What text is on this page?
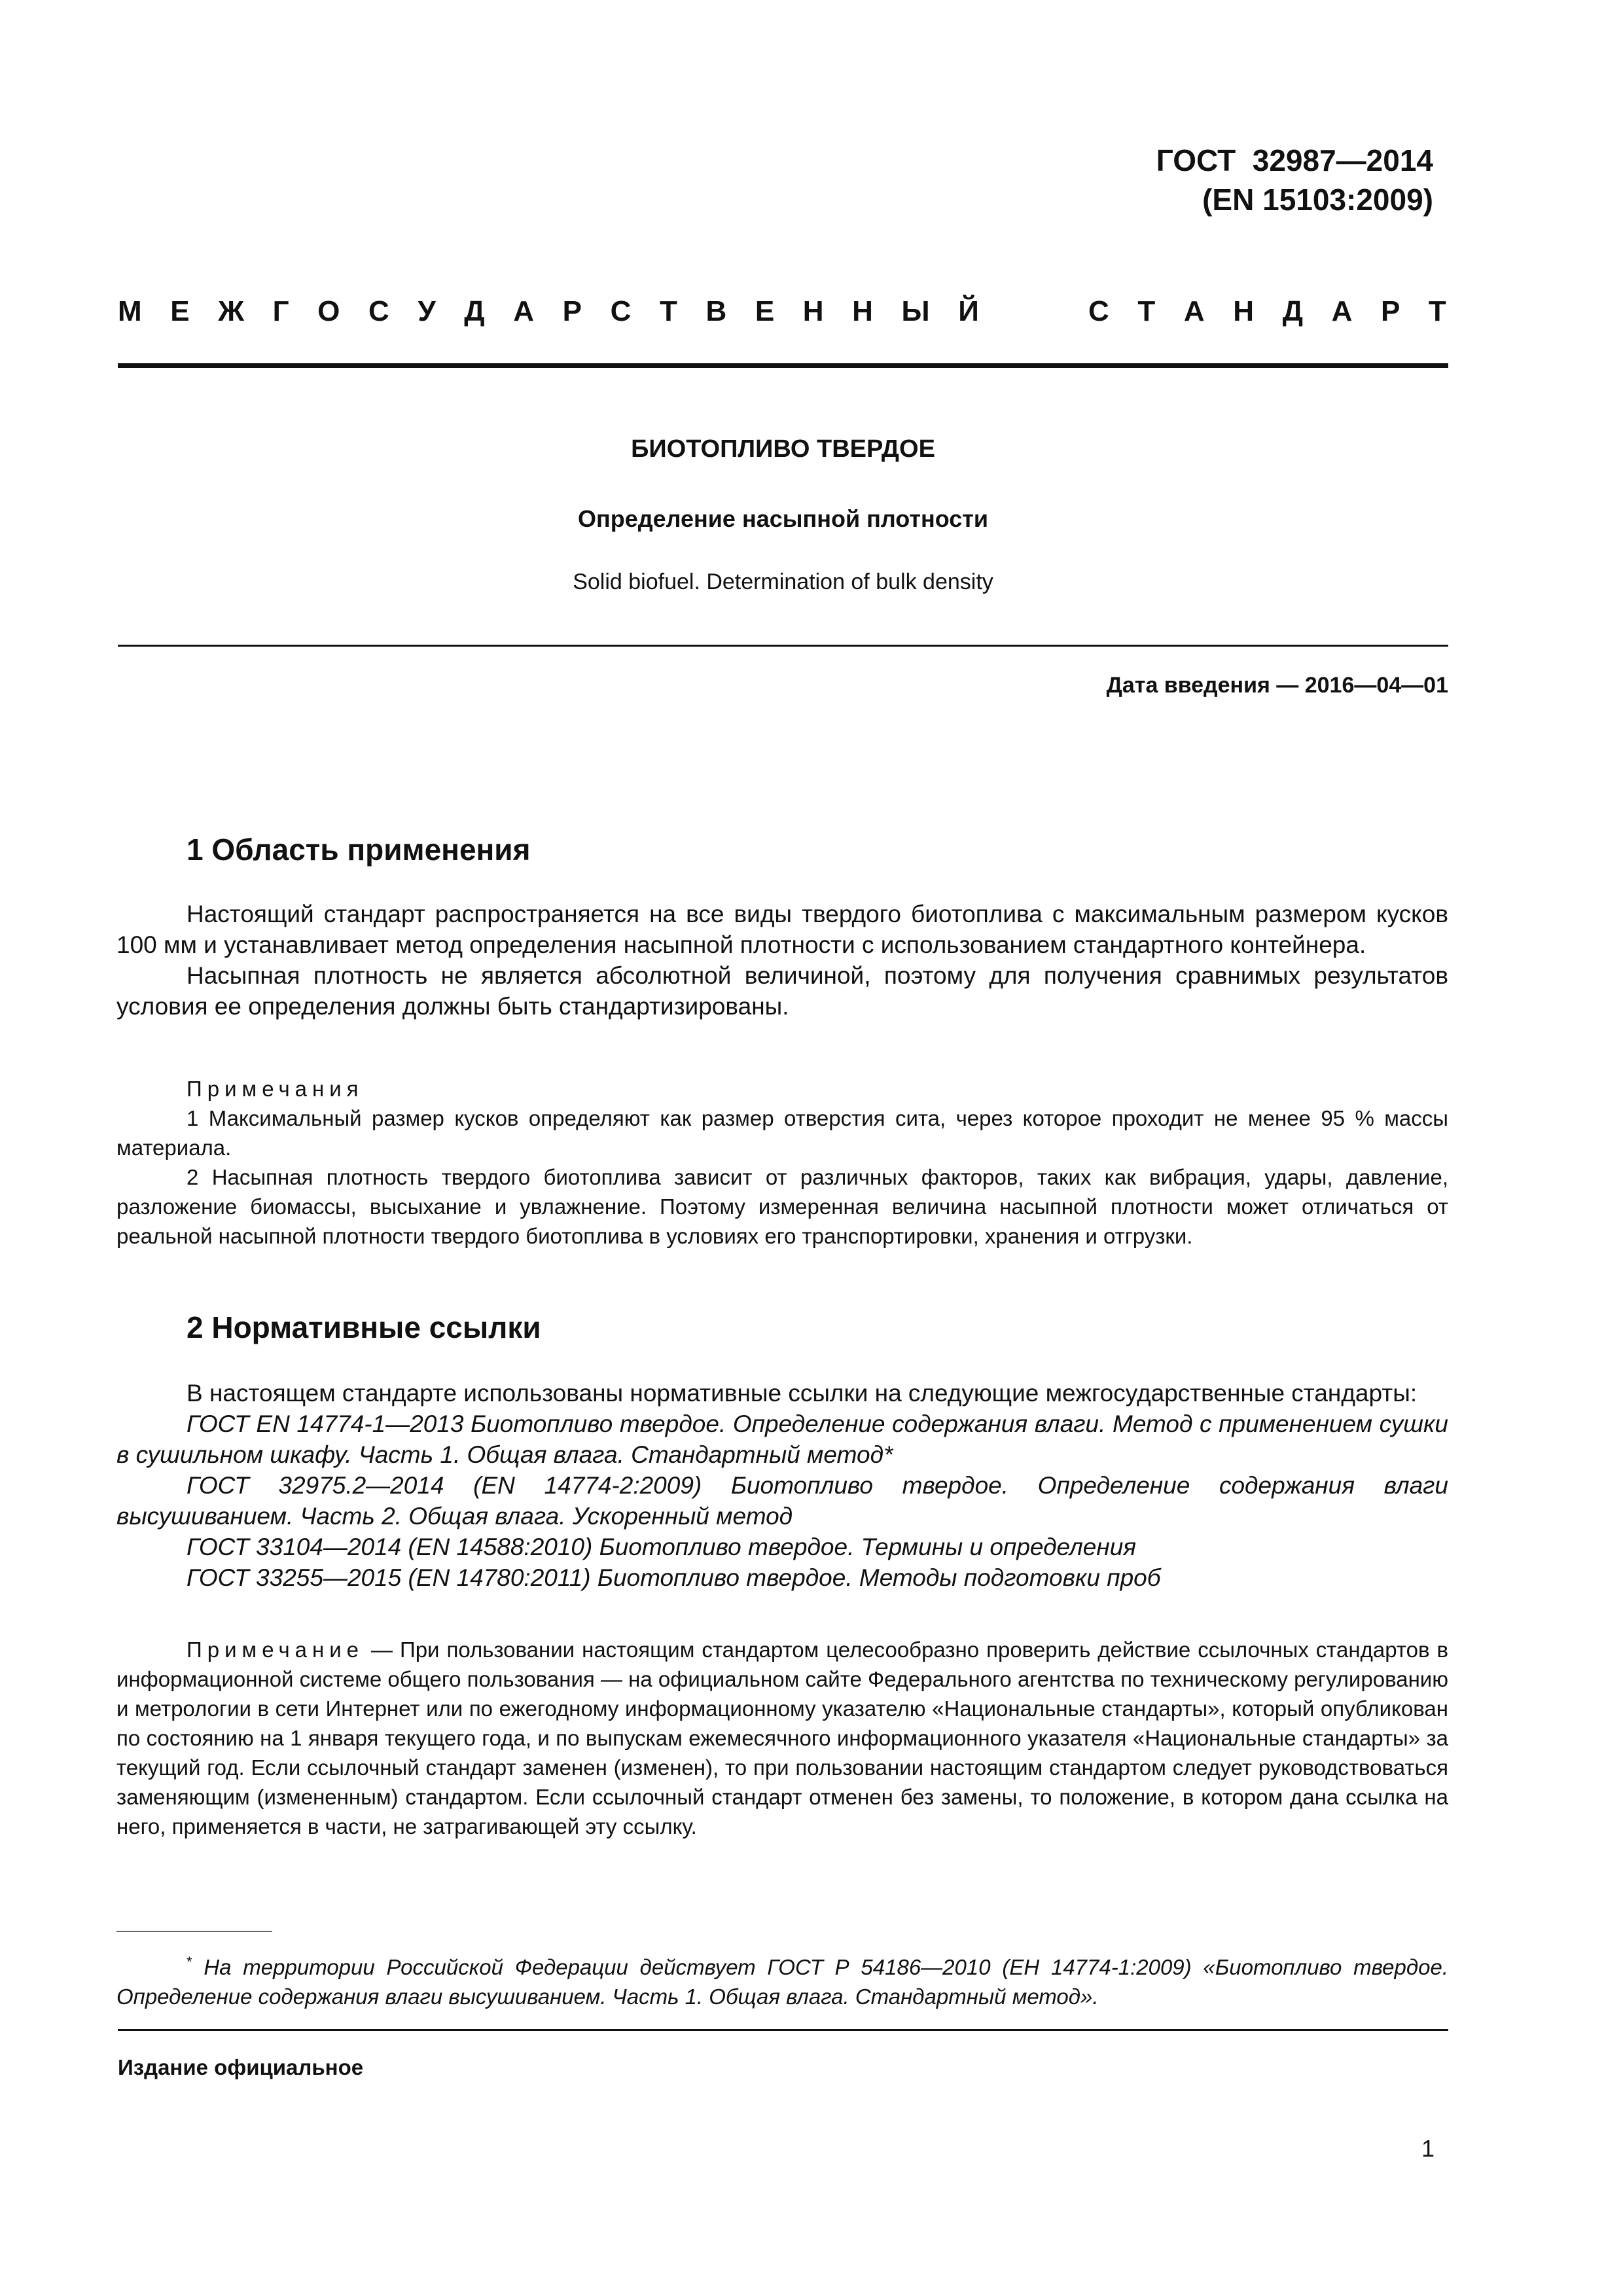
ГОСТ  32987—2014
(EN 15103:2009)
М Е Ж Г О С У Д А Р С Т В Е Н Н Ы Й	С Т А Н Д А Р Т
БИОТОПЛИВО ТВЕРДОЕ
Определение насыпной плотности
Solid biofuel. Determination of bulk density
Дата введения — 2016—04—01
1 Область применения

Настоящий стандарт распространяется на все виды твердого биотоплива с максимальным размером кусков 100 мм и устанавливает метод определения насыпной плотности с использованием стандартного контейнера.

Насыпная плотность не является абсолютной величиной, поэтому для получения сравнимых результатов условия ее определения должны быть стандартизированы.

Примечания

1 Максимальный размер кусков определяют как размер отверстия сита, через которое проходит не менее 95 % массы материала.

2 Насыпная плотность твердого биотоплива зависит от различных факторов, таких как вибрация, удары, давление, разложение биомассы, высыхание и увлажнение. Поэтому измеренная величина насыпной плотности может отличаться от реальной насыпной плотности твердого биотоплива в условиях его транспортировки, хранения и отгрузки.

2 Нормативные ссылки

В настоящем стандарте использованы нормативные ссылки на следующие межгосударственные стандарты:

ГОСТ EN 14774-1—2013 Биотопливо твердое. Определение содержания влаги. Метод с применением сушки в сушильном шкафу. Часть 1. Общая влага. Стандартный метод*

ГОСТ 32975.2—2014 (EN 14774-2:2009) Биотопливо твердое. Определение содержания влаги высушиванием. Часть 2. Общая влага. Ускоренный метод

ГОСТ 33104—2014 (EN 14588:2010) Биотопливо твердое. Термины и определения

ГОСТ 33255—2015 (EN 14780:2011) Биотопливо твердое. Методы подготовки проб

Примечание — При пользовании настоящим стандартом целесообразно проверить действие ссылочных стандартов в информационной системе общего пользования — на официальном сайте Федерального агентства по техническому регулированию и метрологии в сети Интернет или по ежегодному информационному указателю «Национальные стандарты», который опубликован по состоянию на 1 января текущего года, и по выпускам ежемесячного информационного указателя «Национальные стандарты» за текущий год. Если ссылочный стандарт заменен (изменен), то при пользовании настоящим стандартом следует руководствоваться заменяющим (измененным) стандартом. Если ссылочный стандарт отменен без замены, то положение, в котором дана ссылка на него, применяется в части, не затрагивающей эту ссылку.

* На территории Российской Федерации действует ГОСТ Р 54186—2010 (ЕН 14774-1:2009) «Биотопливо твердое. Определение содержания влаги высушиванием. Часть 1. Общая влага. Стандартный метод».

Издание официальное
1
